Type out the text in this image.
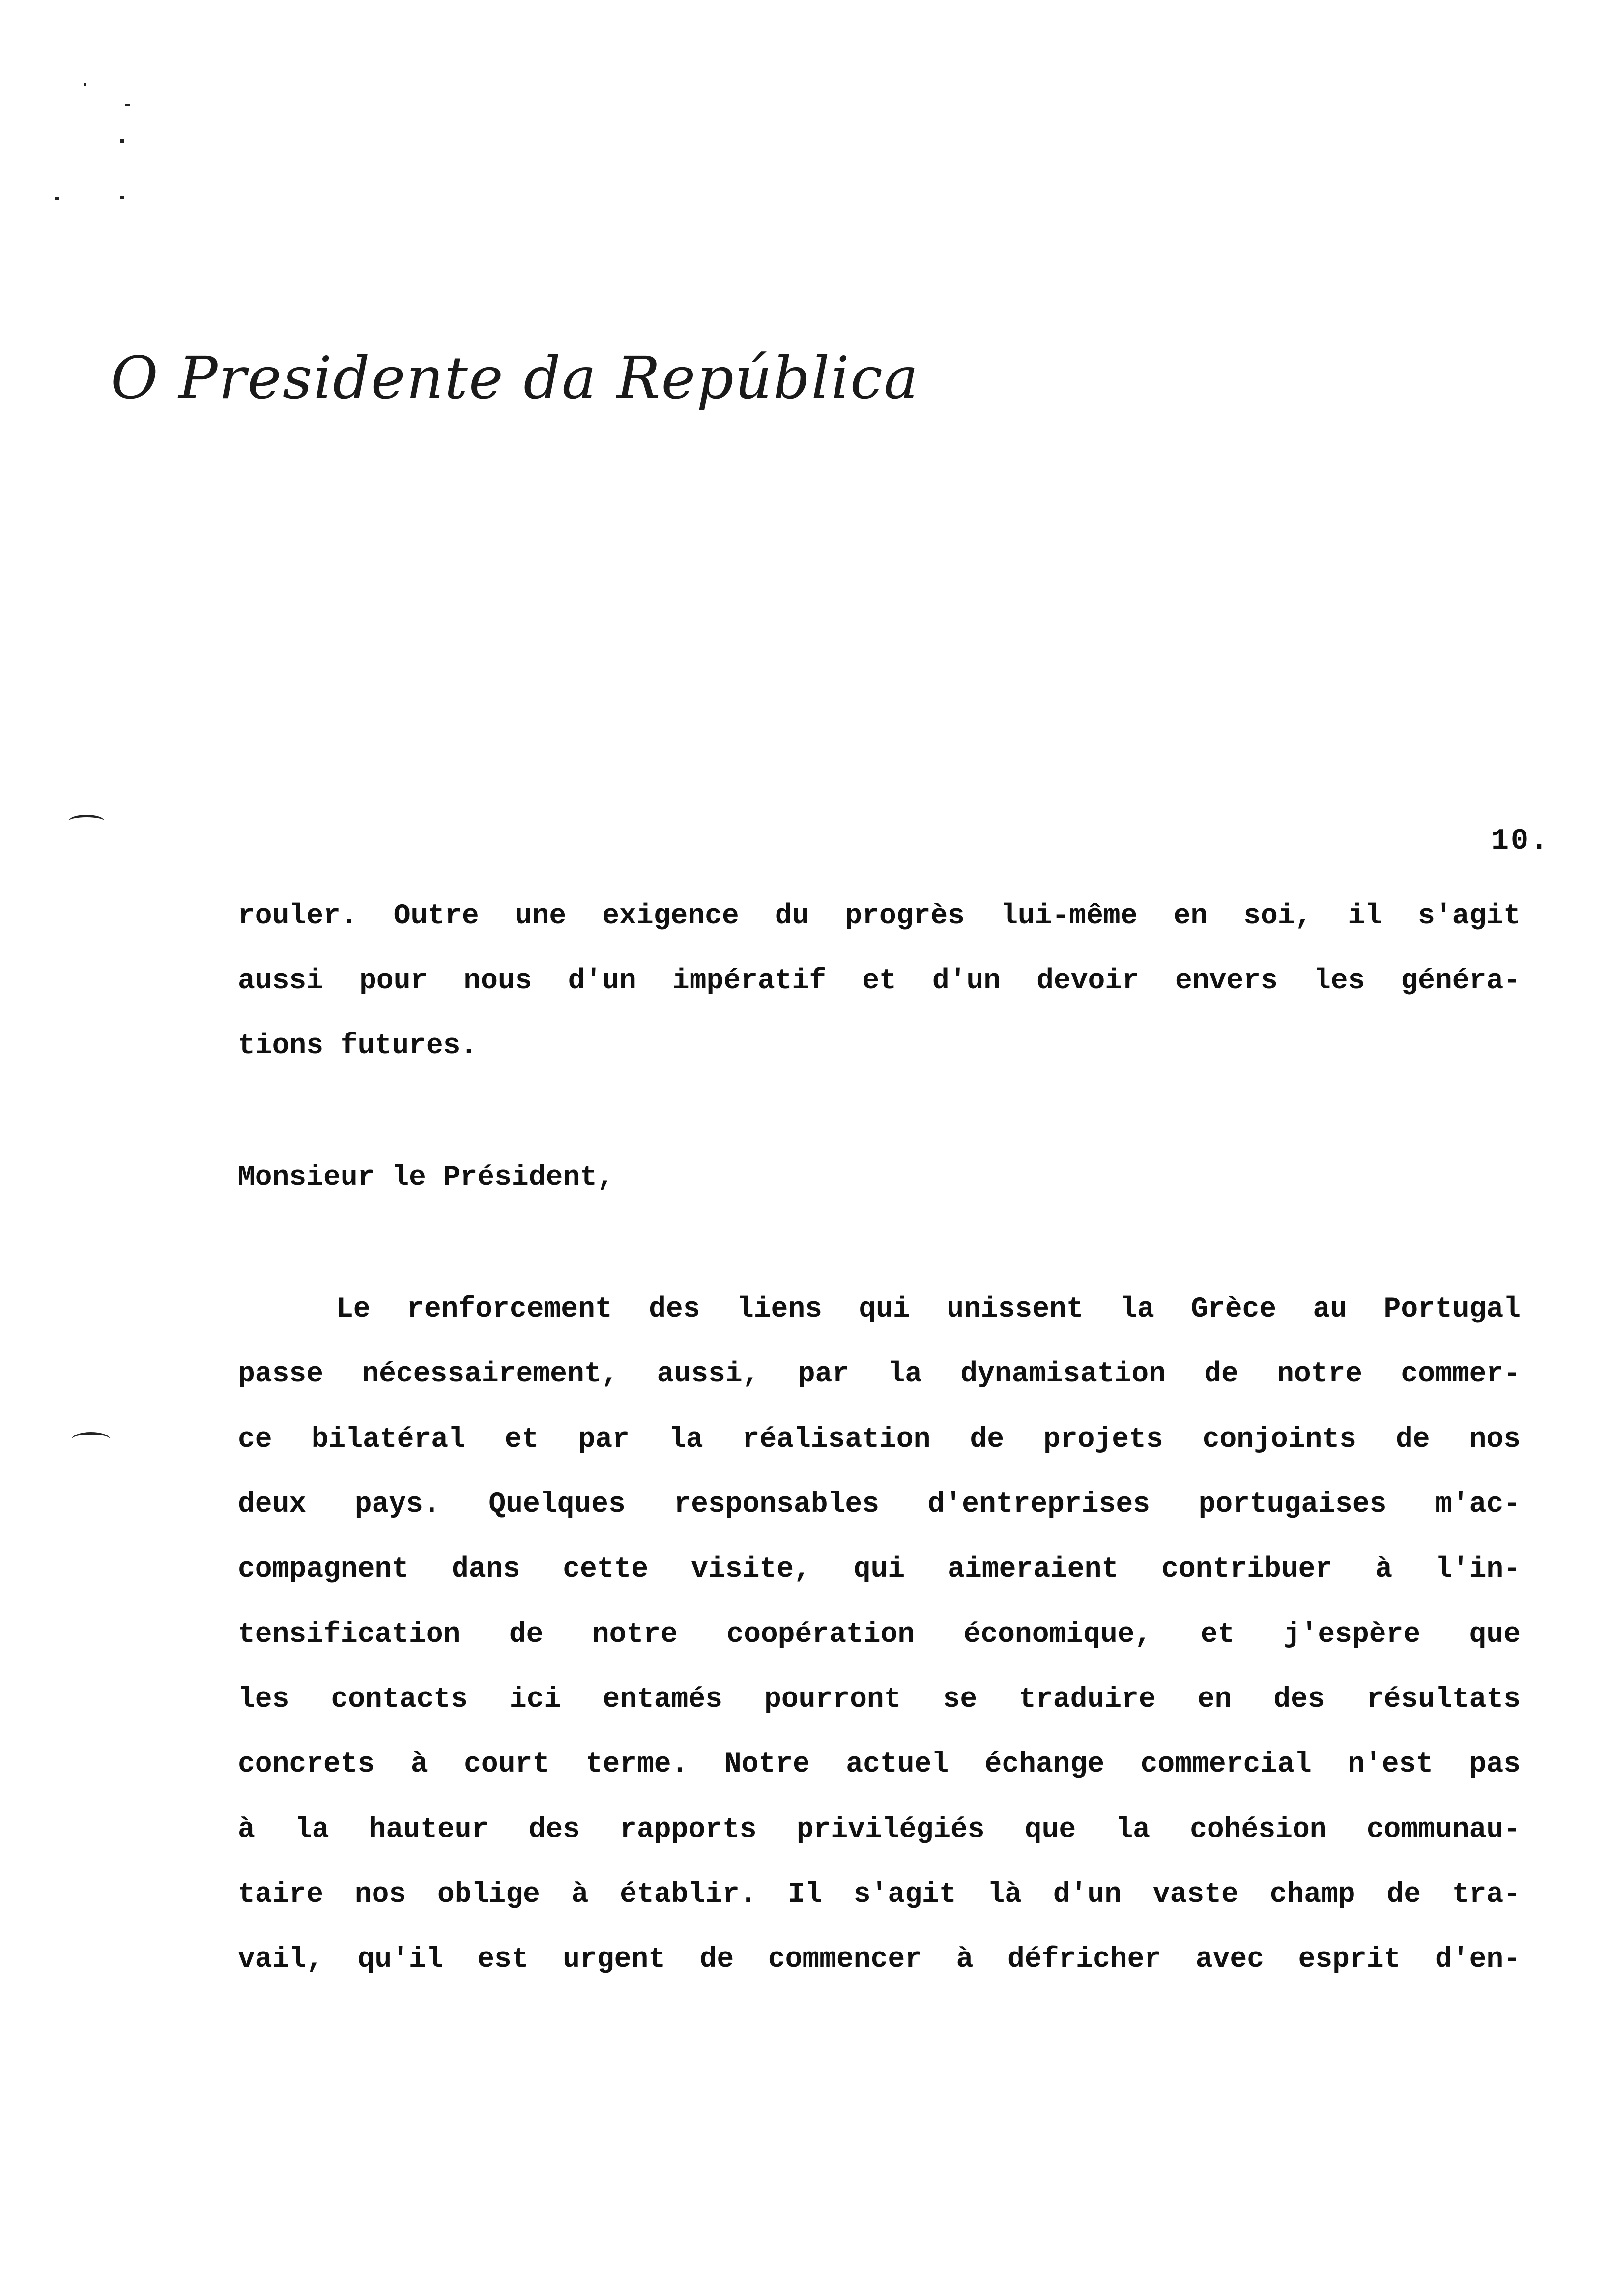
O Presidente da República
10.
rouler. Outre une exigence du progrès lui-même en soi, il s'agit
aussi pour nous d'un impératif et d'un devoir envers les généra-
tions futures.
Monsieur le Président,
Le renforcement des liens qui unissent la Grèce au Portugal
passe nécessairement, aussi, par la dynamisation de notre commer-
ce bilatéral et par la réalisation de projets conjoints de nos
deux pays. Quelques responsables d'entreprises portugaises m'ac-
compagnent dans cette visite, qui aimeraient contribuer à l'in-
tensification de notre coopération économique, et j'espère que
les contacts ici entamés pourront se traduire en des résultats
concrets à court terme. Notre actuel échange commercial n'est pas
à la hauteur des rapports privilégiés que la cohésion communau-
taire nos oblige à établir. Il s'agit là d'un vaste champ de tra-
vail, qu'il est urgent de commencer à défricher avec esprit d'en-
